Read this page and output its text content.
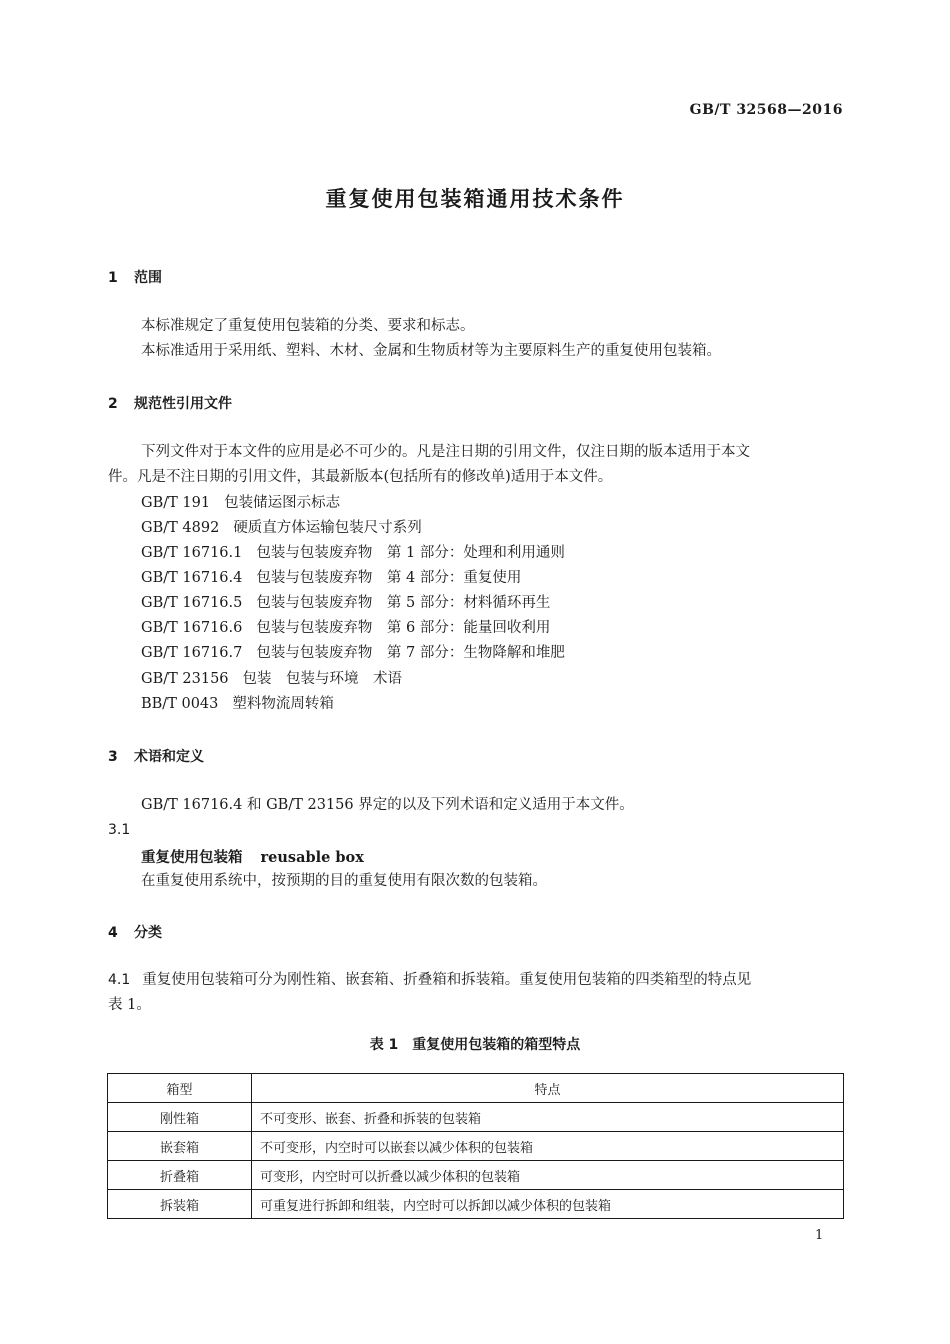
GB/T 32568—2016
重复使用包装箱通用技术条件
1 范围
本标准规定了重复使用包装箱的分类、要求和标志。
本标准适用于采用纸、塑料、木材、金属和生物质材等为主要原料生产的重复使用包装箱。
2 规范性引用文件
下列文件对于本文件的应用是必不可少的。凡是注日期的引用文件，仅注日期的版本适用于本文
件。凡是不注日期的引用文件，其最新版本(包括所有的修改单)适用于本文件。
GB/T 191 包装储运图示标志
GB/T 4892 硬质直方体运输包装尺寸系列
GB/T 16716.1 包装与包装废弃物　第 1 部分：处理和利用通则
GB/T 16716.4 包装与包装废弃物　第 4 部分：重复使用
GB/T 16716.5 包装与包装废弃物　第 5 部分：材料循环再生
GB/T 16716.6 包装与包装废弃物　第 6 部分：能量回收利用
GB/T 16716.7 包装与包装废弃物　第 7 部分：生物降解和堆肥
GB/T 23156 包装　包装与环境　术语
BB/T 0043 塑料物流周转箱
3 术语和定义
GB/T 16716.4 和 GB/T 23156 界定的以及下列术语和定义适用于本文件。
3.1
重复使用包装箱 reusable box
在重复使用系统中，按预期的目的重复使用有限次数的包装箱。
4 分类
4.1 重复使用包装箱可分为刚性箱、嵌套箱、折叠箱和拆装箱。重复使用包装箱的四类箱型的特点见
表 1。
表 1　重复使用包装箱的箱型特点
箱型	特点
刚性箱	不可变形、嵌套、折叠和拆装的包装箱
嵌套箱	不可变形，内空时可以嵌套以减少体积的包装箱
折叠箱	可变形，内空时可以折叠以减少体积的包装箱
拆装箱	可重复进行拆卸和组装，内空时可以拆卸以减少体积的包装箱
1
